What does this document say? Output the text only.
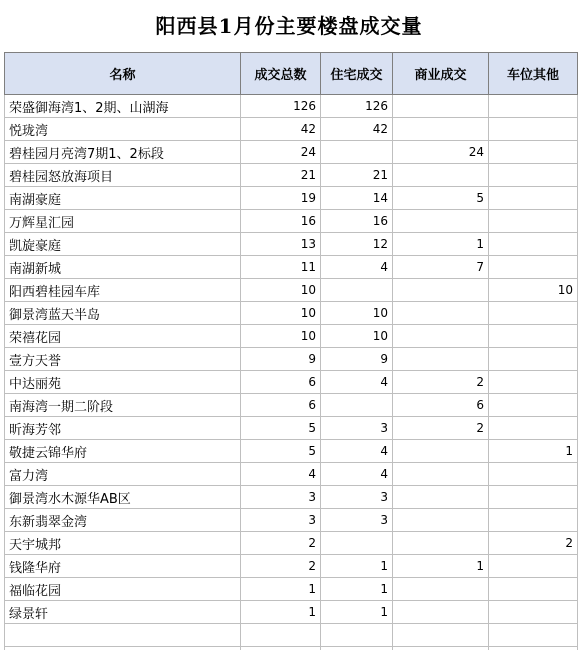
阳西县1月份主要楼盘成交量
名称	成交总数	住宅成交	商业成交	车位其他
荣盛御海湾1、2期、山湖海	126	126		
悦珑湾	42	42		
碧桂园月亮湾7期1、2标段	24		24	
碧桂园怒放海项目	21	21		
南湖豪庭	19	14	5	
万辉星汇园	16	16		
凯旋豪庭	13	12	1	
南湖新城	11	4	7	
阳西碧桂园车库	10			10
御景湾蓝天半岛	10	10		
荣禧花园	10	10		
壹方天誉	9	9		
中达丽苑	6	4	2	
南海湾一期二阶段	6		6	
昕海芳邻	5	3	2	
敬捷云锦华府	5	4		1
富力湾	4	4		
御景湾水木源华AB区	3	3		
东新翡翠金湾	3	3		
天宇城邦	2			2
钱隆华府	2	1	1	
福临花园	1	1		
绿景轩	1	1		
